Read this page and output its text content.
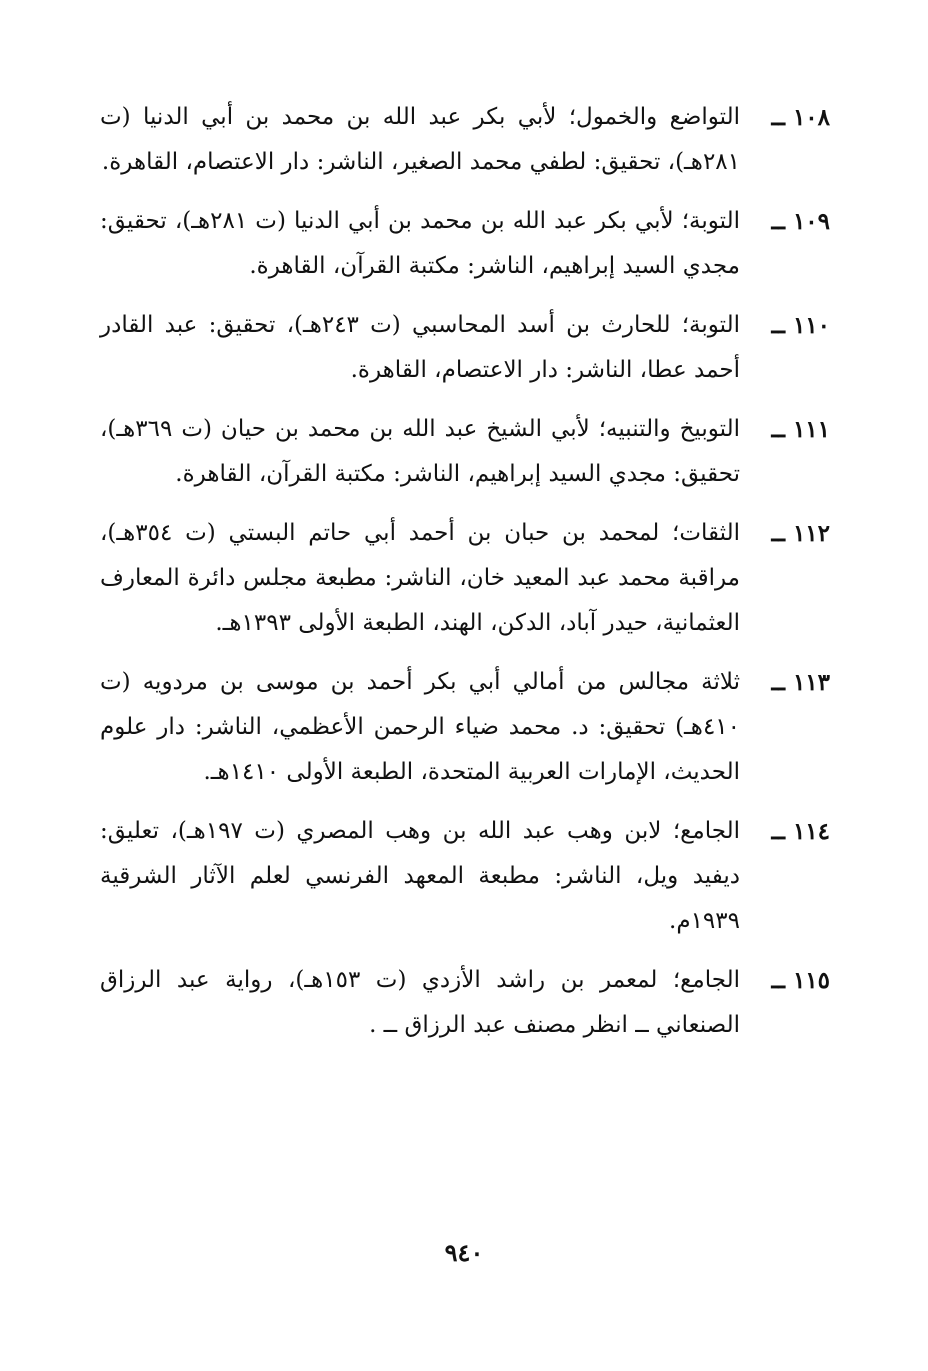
١٠٨ ــ
التواضع والخمول؛ لأبي بكر عبد الله بن محمد بن أبي الدنيا (ت ٢٨١هـ)، تحقيق: لطفي محمد الصغير، الناشر: دار الاعتصام، القاهرة.
١٠٩ ــ
التوبة؛ لأبي بكر عبد الله بن محمد بن أبي الدنيا (ت ٢٨١هـ)، تحقيق: مجدي السيد إبراهيم، الناشر: مكتبة القرآن، القاهرة.
١١٠ ــ
التوبة؛ للحارث بن أسد المحاسبي (ت ٢٤٣هـ)، تحقيق: عبد القادر أحمد عطا، الناشر: دار الاعتصام، القاهرة.
١١١ ــ
التوبيخ والتنبيه؛ لأبي الشيخ عبد الله بن محمد بن حيان (ت ٣٦٩هـ)، تحقيق: مجدي السيد إبراهيم، الناشر: مكتبة القرآن، القاهرة.
١١٢ ــ
الثقات؛ لمحمد بن حبان بن أحمد أبي حاتم البستي (ت ٣٥٤هـ)، مراقبة محمد عبد المعيد خان، الناشر: مطبعة مجلس دائرة المعارف العثمانية، حيدر آباد، الدكن، الهند، الطبعة الأولى ١٣٩٣هـ.
١١٣ ــ
ثلاثة مجالس من أمالي أبي بكر أحمد بن موسى بن مردويه (ت ٤١٠هـ) تحقيق: د. محمد ضياء الرحمن الأعظمي، الناشر: دار علوم الحديث، الإمارات العربية المتحدة، الطبعة الأولى ١٤١٠هـ.
١١٤ ــ
الجامع؛ لابن وهب عبد الله بن وهب المصري (ت ١٩٧هـ)، تعليق: ديفيد ويل، الناشر: مطبعة المعهد الفرنسي لعلم الآثار الشرقية ١٩٣٩م.
١١٥ ــ
الجامع؛ لمعمر بن راشد الأزدي (ت ١٥٣هـ)، رواية عبد الرزاق الصنعاني ــ انظر مصنف عبد الرزاق ــ .
٩٤٠
